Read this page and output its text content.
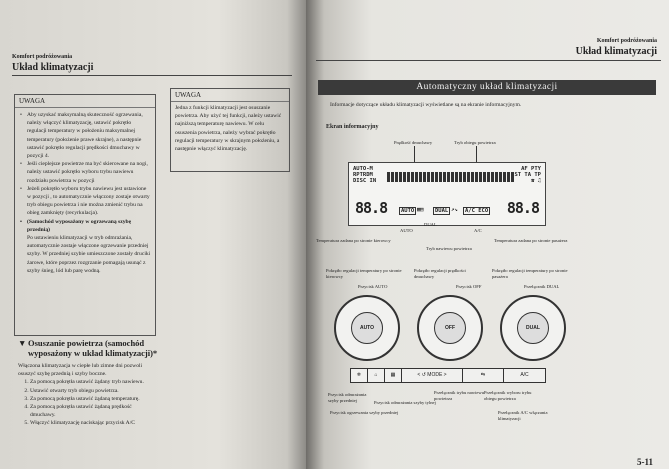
Komfort podróżowania
Układ klimatyzacji
UWAGA
• Aby uzyskać maksymalną skuteczność ogrzewania, należy włączyć klimatyzację, ustawić pokrętło regulacji temperatury w położeniu maksymalnej temperatury (położenie prawe skrajne), a następnie ustawić pokrętło regulacji prędkości dmuchawy w pozycji 4.
• Jeśli cieplejsze powietrze ma być skierowane na nogi, należy ustawić pokrętło wyboru trybu nawiewu rozdziału powietrza w pozycji
• Jeżeli pokrętło wyboru trybu nawiewu jest ustawione w pozycji , to automatycznie włączony zostaje otwarty tryb obiegu powietrza i nie można zmienić trybu na obieg zamknięty (recyrkulacja).
• (Samochód wyposażony w ogrzewaną szybę przednią)
Po ustawieniu klimatyzacji w tryb odmrażania, automatycznie zostaje włączone ogrzewanie przedniej szyby. W przedniej szybie umieszczone zostały druciki żarowe, które poprzez rozgrzanie pomagają usunąć z szyby śnieg, lód lub parę wodną.
UWAGA
Jedna z funkcji klimatyzacji jest osuszanie powietrza. Aby użyć tej funkcji, należy ustawić najniższą temperaturę nawiewu. W celu osuszenia powietrza, należy wybrać pokrętło regulacji temperatury w skrajnym położeniu, a następnie włączyć klimatyzację.
▼ Osuszanie powietrza (samochód wyposażony w układ klimatyzacji)*
Włączona klimatyzacja w ciepłe lub zimne dni pozwoli osuszyć szybę przednią i szyby boczne.
1. Za pomocą pokrętła ustawić żądany tryb nawiewu.
2. Ustawić otwarty tryb obiegu powietrza.
3. Za pomocą pokrętła ustawić żądaną temperaturę.
4. Za pomocą pokrętła ustawić żądaną prędkość dmuchawy.
5. Włączyć klimatyzację naciskając przycisk A/C
Komfort podróżowania
Układ klimatyzacji
Automatyczny układ klimatyzacji
Informacje dotyczące układu klimatyzacji wyświetlane są na ekranie informacyjnym.
Ekran informacyjny
Prędkość dmuchawy	Tryb obiegu powietrza
AUTO-M
RPTRDM
DISC IN
AF PTY
ST TA TP
☎ ♫
88.8	AUTO ▦▤	DUAL ↗↘	A/C ECO 88.8
AUTO
DUAL
A/C
Temperatura zadana po stronie kierowcy
Tryb nawiewu powietrza
Temperatura zadana po stronie pasażera
Pokrętło regulacji temperatury po stronie kierowcy
Pokrętło regulacji prędkości dmuchawy
Pokrętło regulacji temperatury po stronie pasażera
Przycisk AUTO	Przycisk OFF	Przełącznik DUAL
AUTO	OFF	DUAL
❄	⌂	▦	< ↺ MODE >	⇆	A/C
Przycisk odmrażania szyby przedniej	Przycisk odmrażania szyby tylnej
Przycisk ogrzewania szyby przedniej
Przełącznik trybu nawiewu powietrza
Przełącznik wyboru trybu obiegu powietrza
Przełącznik A/C włączania klimatyzacji
5-11
